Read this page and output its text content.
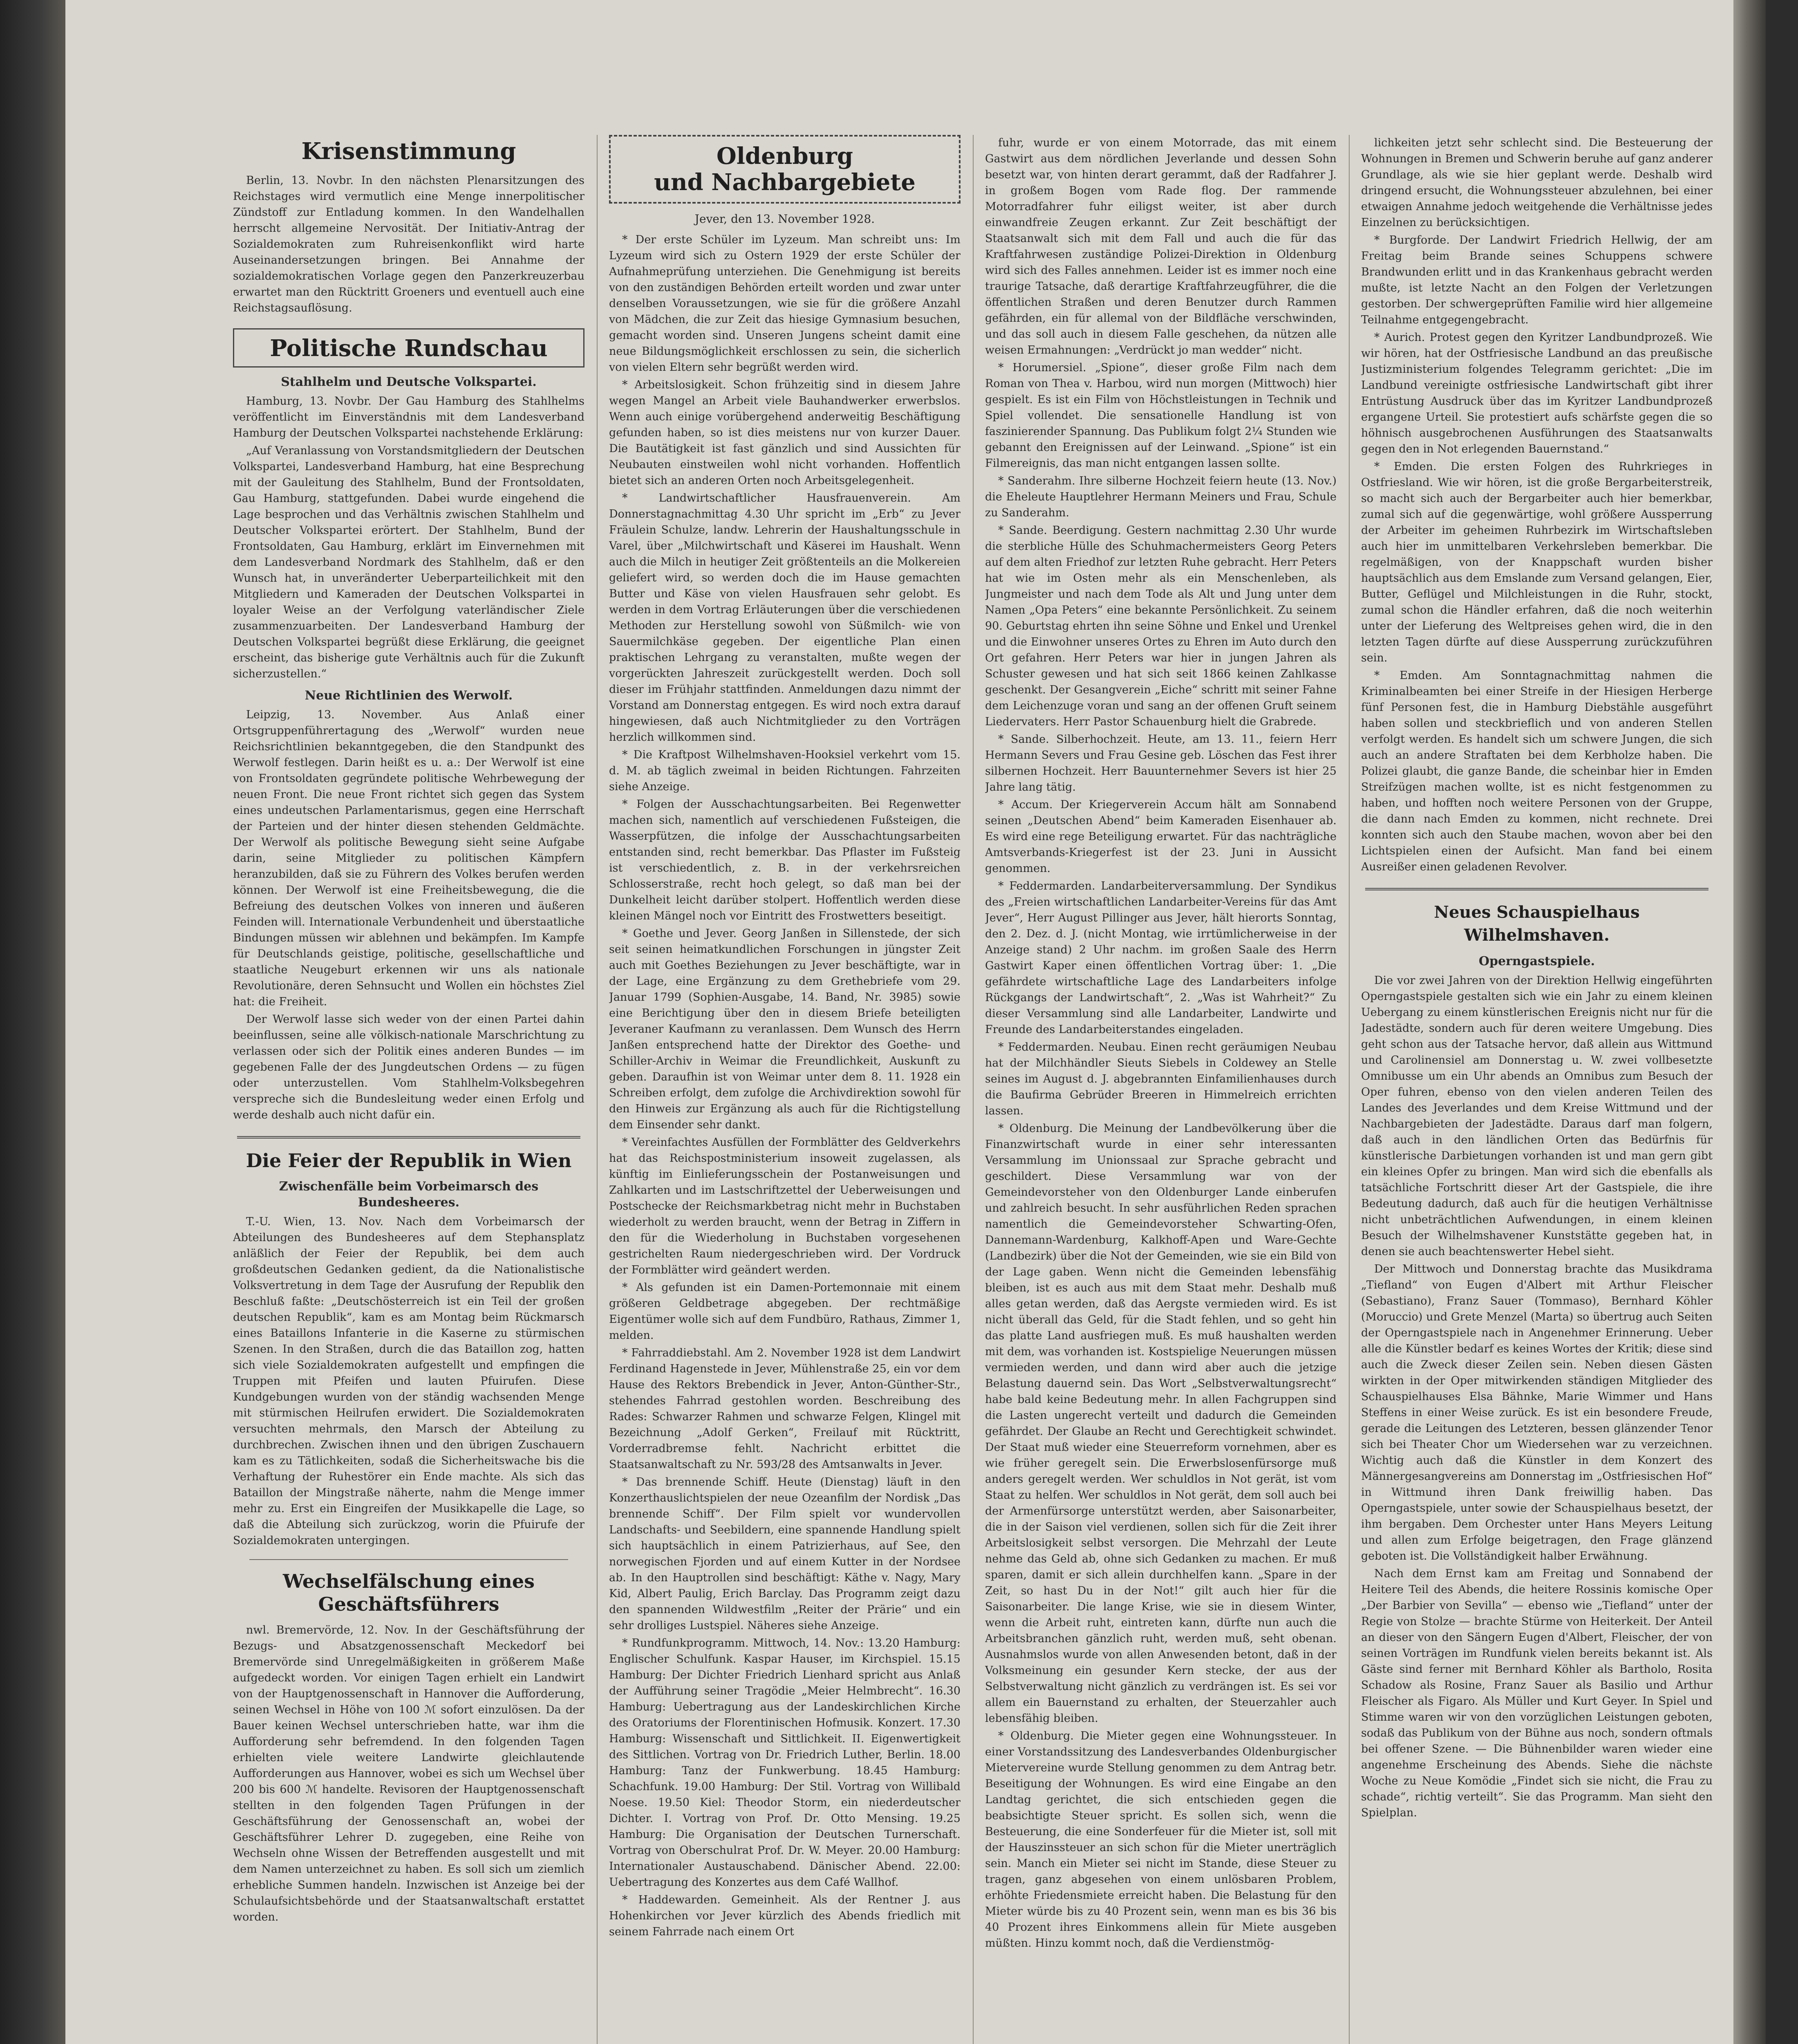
Krisenstimmung

Berlin, 13. Novbr. In den nächsten Plenarsitzungen des Reichstages wird vermutlich eine Menge innerpolitischer Zündstoff zur Entladung kommen. In den Wandelhallen herrscht allgemeine Nervosität. Der Initiativ-Antrag der Sozialdemokraten zum Ruhreisenkonflikt wird harte Auseinandersetzungen bringen. Bei Annahme der sozialdemokratischen Vorlage gegen den Panzerkreuzerbau erwartet man den Rücktritt Groeners und eventuell auch eine Reichstagsauflösung.

Politische Rundschau
Stahlhelm und Deutsche Volkspartei.

Hamburg, 13. Novbr. Der Gau Hamburg des Stahlhelms veröffentlicht im Einverständnis mit dem Landesverband Hamburg der Deutschen Volkspartei nachstehende Erklärung:

„Auf Veranlassung von Vorstandsmitgliedern der Deutschen Volkspartei, Landesverband Hamburg, hat eine Besprechung mit der Gauleitung des Stahlhelm, Bund der Frontsoldaten, Gau Hamburg, stattgefunden. Dabei wurde eingehend die Lage besprochen und das Verhältnis zwischen Stahlhelm und Deutscher Volkspartei erörtert. Der Stahlhelm, Bund der Frontsoldaten, Gau Hamburg, erklärt im Einvernehmen mit dem Landesverband Nordmark des Stahlhelm, daß er den Wunsch hat, in unveränderter Ueberparteilichkeit mit den Mitgliedern und Kameraden der Deutschen Volkspartei in loyaler Weise an der Verfolgung vaterländischer Ziele zusammenzuarbeiten. Der Landesverband Hamburg der Deutschen Volkspartei begrüßt diese Erklärung, die geeignet erscheint, das bisherige gute Verhältnis auch für die Zukunft sicherzustellen.“

Neue Richtlinien des Werwolf.

Leipzig, 13. November. Aus Anlaß einer Ortsgruppenführertagung des „Werwolf“ wurden neue Reichsrichtlinien bekanntgegeben, die den Standpunkt des Werwolf festlegen. Darin heißt es u. a.: Der Werwolf ist eine von Frontsoldaten gegründete politische Wehrbewegung der neuen Front. Die neue Front richtet sich gegen das System eines undeutschen Parlamentarismus, gegen eine Herrschaft der Parteien und der hinter diesen stehenden Geldmächte. Der Werwolf als politische Bewegung sieht seine Aufgabe darin, seine Mitglieder zu politischen Kämpfern heranzubilden, daß sie zu Führern des Volkes berufen werden können. Der Werwolf ist eine Freiheitsbewegung, die die Befreiung des deutschen Volkes von inneren und äußeren Feinden will. Internationale Verbundenheit und überstaatliche Bindungen müssen wir ablehnen und bekämpfen. Im Kampfe für Deutschlands geistige, politische, gesellschaftliche und staatliche Neugeburt erkennen wir uns als nationale Revolutionäre, deren Sehnsucht und Wollen ein höchstes Ziel hat: die Freiheit.

Der Werwolf lasse sich weder von der einen Partei dahin beeinflussen, seine alle völkisch-nationale Marschrichtung zu verlassen oder sich der Politik eines anderen Bundes — im gegebenen Falle der des Jungdeutschen Ordens — zu fügen oder unterzustellen. Vom Stahlhelm-Volksbegehren verspreche sich die Bundesleitung weder einen Erfolg und werde deshalb auch nicht dafür ein.

Die Feier der Republik in Wien
Zwischenfälle beim Vorbeimarsch des Bundesheeres.

T.-U. Wien, 13. Nov. Nach dem Vorbeimarsch der Abteilungen des Bundesheeres auf dem Stephansplatz anläßlich der Feier der Republik, bei dem auch großdeutschen Gedanken gedient, da die Nationalistische Volksvertretung in dem Tage der Ausrufung der Republik den Beschluß faßte: „Deutschösterreich ist ein Teil der großen deutschen Republik“, kam es am Montag beim Rückmarsch eines Bataillons Infanterie in die Kaserne zu stürmischen Szenen. In den Straßen, durch die das Bataillon zog, hatten sich viele Sozialdemokraten aufgestellt und empfingen die Truppen mit Pfeifen und lauten Pfuirufen. Diese Kundgebungen wurden von der ständig wachsenden Menge mit stürmischen Heilrufen erwidert. Die Sozialdemokraten versuchten mehrmals, den Marsch der Abteilung zu durchbrechen. Zwischen ihnen und den übrigen Zuschauern kam es zu Tätlichkeiten, sodaß die Sicherheitswache bis die Verhaftung der Ruhestörer ein Ende machte. Als sich das Bataillon der Mingstraße näherte, nahm die Menge immer mehr zu. Erst ein Eingreifen der Musikkapelle die Lage, so daß die Abteilung sich zurückzog, worin die Pfuirufe der Sozialdemokraten untergingen.

Wechselfälschung eines Geschäftsführers

nwl. Bremervörde, 12. Nov. In der Geschäftsführung der Bezugs- und Absatzgenossenschaft Meckedorf bei Bremervörde sind Unregelmäßigkeiten in größerem Maße aufgedeckt worden. Vor einigen Tagen erhielt ein Landwirt von der Hauptgenossenschaft in Hannover die Aufforderung, seinen Wechsel in Höhe von 100 ℳ sofort einzulösen. Da der Bauer keinen Wechsel unterschrieben hatte, war ihm die Aufforderung sehr befremdend. In den folgenden Tagen erhielten viele weitere Landwirte gleichlautende Aufforderungen aus Hannover, wobei es sich um Wechsel über 200 bis 600 ℳ handelte. Revisoren der Hauptgenossenschaft stellten in den folgenden Tagen Prüfungen in der Geschäftsführung der Genossenschaft an, wobei der Geschäftsführer Lehrer D. zugegeben, eine Reihe von Wechseln ohne Wissen der Betreffenden ausgestellt und mit dem Namen unterzeichnet zu haben. Es soll sich um ziemlich erhebliche Summen handeln. Inzwischen ist Anzeige bei der Schulaufsichtsbehörde und der Staatsanwaltschaft erstattet worden.

Oldenburg
und Nachbargebiete
Jever, den 13. November 1928.

* Der erste Schüler im Lyzeum. Man schreibt uns: Im Lyzeum wird sich zu Ostern 1929 der erste Schüler der Aufnahmeprüfung unterziehen. Die Genehmigung ist bereits von den zuständigen Behörden erteilt worden und zwar unter denselben Voraussetzungen, wie sie für die größere Anzahl von Mädchen, die zur Zeit das hiesige Gymnasium besuchen, gemacht worden sind. Unseren Jungens scheint damit eine neue Bildungsmöglichkeit erschlossen zu sein, die sicherlich von vielen Eltern sehr begrüßt werden wird.

* Arbeitslosigkeit. Schon frühzeitig sind in diesem Jahre wegen Mangel an Arbeit viele Bauhandwerker erwerbslos. Wenn auch einige vorübergehend anderweitig Beschäftigung gefunden haben, so ist dies meistens nur von kurzer Dauer. Die Bautätigkeit ist fast gänzlich und sind Aussichten für Neubauten einstweilen wohl nicht vorhanden. Hoffentlich bietet sich an anderen Orten noch Arbeitsgelegenheit.

* Landwirtschaftlicher Hausfrauenverein. Am Donnerstagnachmittag 4.30 Uhr spricht im „Erb“ zu Jever Fräulein Schulze, landw. Lehrerin der Haushaltungsschule in Varel, über „Milchwirtschaft und Käserei im Haushalt. Wenn auch die Milch in heutiger Zeit größtenteils an die Molkereien geliefert wird, so werden doch die im Hause gemachten Butter und Käse von vielen Hausfrauen sehr gelobt. Es werden in dem Vortrag Erläuterungen über die verschiedenen Methoden zur Herstellung sowohl von Süßmilch- wie von Sauermilchkäse gegeben. Der eigentliche Plan einen praktischen Lehrgang zu veranstalten, mußte wegen der vorgerückten Jahreszeit zurückgestellt werden. Doch soll dieser im Frühjahr stattfinden. Anmeldungen dazu nimmt der Vorstand am Donnerstag entgegen. Es wird noch extra darauf hingewiesen, daß auch Nichtmitglieder zu den Vorträgen herzlich willkommen sind.

* Die Kraftpost Wilhelmshaven-Hooksiel verkehrt vom 15. d. M. ab täglich zweimal in beiden Richtungen. Fahrzeiten siehe Anzeige.

* Folgen der Ausschachtungsarbeiten. Bei Regenwetter machen sich, namentlich auf verschiedenen Fußsteigen, die Wasserpfützen, die infolge der Ausschachtungsarbeiten entstanden sind, recht bemerkbar. Das Pflaster im Fußsteig ist verschiedentlich, z. B. in der verkehrsreichen Schlosserstraße, recht hoch gelegt, so daß man bei der Dunkelheit leicht darüber stolpert. Hoffentlich werden diese kleinen Mängel noch vor Eintritt des Frostwetters beseitigt.

* Goethe und Jever. Georg Janßen in Sillenstede, der sich seit seinen heimatkundlichen Forschungen in jüngster Zeit auch mit Goethes Beziehungen zu Jever beschäftigte, war in der Lage, eine Ergänzung zu dem Grethebriefe vom 29. Januar 1799 (Sophien-Ausgabe, 14. Band, Nr. 3985) sowie eine Berichtigung über den in diesem Briefe beteiligten Jeveraner Kaufmann zu veranlassen. Dem Wunsch des Herrn Janßen entsprechend hatte der Direktor des Goethe- und Schiller-Archiv in Weimar die Freundlichkeit, Auskunft zu geben. Daraufhin ist von Weimar unter dem 8. 11. 1928 ein Schreiben erfolgt, dem zufolge die Archivdirektion sowohl für den Hinweis zur Ergänzung als auch für die Richtigstellung dem Einsender sehr dankt.

* Vereinfachtes Ausfüllen der Formblätter des Geldverkehrs hat das Reichspostministerium insoweit zugelassen, als künftig im Einlieferungsschein der Postanweisungen und Zahlkarten und im Lastschriftzettel der Ueberweisungen und Postschecke der Reichsmarkbetrag nicht mehr in Buchstaben wiederholt zu werden braucht, wenn der Betrag in Ziffern in den für die Wiederholung in Buchstaben vorgesehenen gestrichelten Raum niedergeschrieben wird. Der Vordruck der Formblätter wird geändert werden.

* Als gefunden ist ein Damen-Portemonnaie mit einem größeren Geldbetrage abgegeben. Der rechtmäßige Eigentümer wolle sich auf dem Fundbüro, Rathaus, Zimmer 1, melden.

* Fahrraddiebstahl. Am 2. November 1928 ist dem Landwirt Ferdinand Hagenstede in Jever, Mühlenstraße 25, ein vor dem Hause des Rektors Brebendick in Jever, Anton-Günther-Str., stehendes Fahrrad gestohlen worden. Beschreibung des Rades: Schwarzer Rahmen und schwarze Felgen, Klingel mit Bezeichnung „Adolf Gerken“, Freilauf mit Rücktritt, Vorderradbremse fehlt. Nachricht erbittet die Staatsanwaltschaft zu Nr. 593/28 des Amtsanwalts in Jever.

* Das brennende Schiff. Heute (Dienstag) läuft in den Konzerthauslichtspielen der neue Ozeanfilm der Nordisk „Das brennende Schiff“. Der Film spielt vor wundervollen Landschafts- und Seebildern, eine spannende Handlung spielt sich hauptsächlich in einem Patrizierhaus, auf See, den norwegischen Fjorden und auf einem Kutter in der Nordsee ab. In den Hauptrollen sind beschäftigt: Käthe v. Nagy, Mary Kid, Albert Paulig, Erich Barclay. Das Programm zeigt dazu den spannenden Wildwestfilm „Reiter der Prärie“ und ein sehr drolliges Lustspiel. Näheres siehe Anzeige.

* Rundfunkprogramm. Mittwoch, 14. Nov.: 13.20 Hamburg: Englischer Schulfunk. Kaspar Hauser, im Kirchspiel. 15.15 Hamburg: Der Dichter Friedrich Lienhard spricht aus Anlaß der Aufführung seiner Tragödie „Meier Helmbrecht“. 16.30 Hamburg: Uebertragung aus der Landeskirchlichen Kirche des Oratoriums der Florentinischen Hofmusik. Konzert. 17.30 Hamburg: Wissenschaft und Sittlichkeit. II. Eigenwertigkeit des Sittlichen. Vortrag von Dr. Friedrich Luther, Berlin. 18.00 Hamburg: Tanz der Funkwerbung. 18.45 Hamburg: Schachfunk. 19.00 Hamburg: Der Stil. Vortrag von Willibald Noese. 19.50 Kiel: Theodor Storm, ein niederdeutscher Dichter. I. Vortrag von Prof. Dr. Otto Mensing. 19.25 Hamburg: Die Organisation der Deutschen Turnerschaft. Vortrag von Oberschulrat Prof. Dr. W. Meyer. 20.00 Hamburg: Internationaler Austauschabend. Dänischer Abend. 22.00: Uebertragung des Konzertes aus dem Café Wallhof.

* Haddewarden. Gemeinheit. Als der Rentner J. aus Hohenkirchen vor Jever kürzlich des Abends friedlich mit seinem Fahrrade nach einem Ort

fuhr, wurde er von einem Motorrade, das mit einem Gastwirt aus dem nördlichen Jeverlande und dessen Sohn besetzt war, von hinten derart gerammt, daß der Radfahrer J. in großem Bogen vom Rade flog. Der rammende Motorradfahrer fuhr eiligst weiter, ist aber durch einwandfreie Zeugen erkannt. Zur Zeit beschäftigt der Staatsanwalt sich mit dem Fall und auch die für das Kraftfahrwesen zuständige Polizei-Direktion in Oldenburg wird sich des Falles annehmen. Leider ist es immer noch eine traurige Tatsache, daß derartige Kraftfahrzeugführer, die die öffentlichen Straßen und deren Benutzer durch Rammen gefährden, ein für allemal von der Bildfläche verschwinden, und das soll auch in diesem Falle geschehen, da nützen alle weisen Ermahnungen: „Verdrückt jo man wedder“ nicht.

* Horumersiel. „Spione“, dieser große Film nach dem Roman von Thea v. Harbou, wird nun morgen (Mittwoch) hier gespielt. Es ist ein Film von Höchstleistungen in Technik und Spiel vollendet. Die sensationelle Handlung ist von faszinierender Spannung. Das Publikum folgt 2¼ Stunden wie gebannt den Ereignissen auf der Leinwand. „Spione“ ist ein Filmereignis, das man nicht entgangen lassen sollte.

* Sanderahm. Ihre silberne Hochzeit feiern heute (13. Nov.) die Eheleute Hauptlehrer Hermann Meiners und Frau, Schule zu Sanderahm.

* Sande. Beerdigung. Gestern nachmittag 2.30 Uhr wurde die sterbliche Hülle des Schuhmachermeisters Georg Peters auf dem alten Friedhof zur letzten Ruhe gebracht. Herr Peters hat wie im Osten mehr als ein Menschenleben, als Jungmeister und nach dem Tode als Alt und Jung unter dem Namen „Opa Peters“ eine bekannte Persönlichkeit. Zu seinem 90. Geburtstag ehrten ihn seine Söhne und Enkel und Urenkel und die Einwohner unseres Ortes zu Ehren im Auto durch den Ort gefahren. Herr Peters war hier in jungen Jahren als Schuster gewesen und hat sich seit 1866 keinen Zahlkasse geschenkt. Der Gesangverein „Eiche“ schritt mit seiner Fahne dem Leichenzuge voran und sang an der offenen Gruft seinem Liedervaters. Herr Pastor Schauenburg hielt die Grabrede.

* Sande. Silberhochzeit. Heute, am 13. 11., feiern Herr Hermann Severs und Frau Gesine geb. Löschen das Fest ihrer silbernen Hochzeit. Herr Bauunternehmer Severs ist hier 25 Jahre lang tätig.

* Accum. Der Kriegerverein Accum hält am Sonnabend seinen „Deutschen Abend“ beim Kameraden Eisenhauer ab. Es wird eine rege Beteiligung erwartet. Für das nachträgliche Amtsverbands-Kriegerfest ist der 23. Juni in Aussicht genommen.

* Feddermarden. Landarbeiterversammlung. Der Syndikus des „Freien wirtschaftlichen Landarbeiter-Vereins für das Amt Jever“, Herr August Pillinger aus Jever, hält hierorts Sonntag, den 2. Dez. d. J. (nicht Montag, wie irrtümlicherweise in der Anzeige stand) 2 Uhr nachm. im großen Saale des Herrn Gastwirt Kaper einen öffentlichen Vortrag über: 1. „Die gefährdete wirtschaftliche Lage des Landarbeiters infolge Rückgangs der Landwirtschaft“, 2. „Was ist Wahrheit?“ Zu dieser Versammlung sind alle Landarbeiter, Landwirte und Freunde des Landarbeiterstandes eingeladen.

* Feddermarden. Neubau. Einen recht geräumigen Neubau hat der Milchhändler Sieuts Siebels in Coldewey an Stelle seines im August d. J. abgebrannten Einfamilienhauses durch die Baufirma Gebrüder Breeren in Himmelreich errichten lassen.

* Oldenburg. Die Meinung der Landbevölkerung über die Finanzwirtschaft wurde in einer sehr interessanten Versammlung im Unionssaal zur Sprache gebracht und geschildert. Diese Versammlung war von der Gemeindevorsteher von den Oldenburger Lande einberufen und zahlreich besucht. In sehr ausführlichen Reden sprachen namentlich die Gemeindevorsteher Schwarting-Ofen, Dannemann-Wardenburg, Kalkhoff-Apen und Ware-Gechte (Landbezirk) über die Not der Gemeinden, wie sie ein Bild von der Lage gaben. Wenn nicht die Gemeinden lebensfähig bleiben, ist es auch aus mit dem Staat mehr. Deshalb muß alles getan werden, daß das Aergste vermieden wird. Es ist nicht überall das Geld, für die Stadt fehlen, und so geht hin das platte Land ausfriegen muß. Es muß haushalten werden mit dem, was vorhanden ist. Kostspielige Neuerungen müssen vermieden werden, und dann wird aber auch die jetzige Belastung dauernd sein. Das Wort „Selbstverwaltungsrecht“ habe bald keine Bedeutung mehr. In allen Fachgruppen sind die Lasten ungerecht verteilt und dadurch die Gemeinden gefährdet. Der Glaube an Recht und Gerechtigkeit schwindet. Der Staat muß wieder eine Steuerreform vornehmen, aber es wie früher geregelt sein. Die Erwerbslosenfürsorge muß anders geregelt werden. Wer schuldlos in Not gerät, ist vom Staat zu helfen. Wer schuldlos in Not gerät, dem soll auch bei der Armenfürsorge unterstützt werden, aber Saisonarbeiter, die in der Saison viel verdienen, sollen sich für die Zeit ihrer Arbeitslosigkeit selbst versorgen. Die Mehrzahl der Leute nehme das Geld ab, ohne sich Gedanken zu machen. Er muß sparen, damit er sich allein durchhelfen kann. „Spare in der Zeit, so hast Du in der Not!“ gilt auch hier für die Saisonarbeiter. Die lange Krise, wie sie in diesem Winter, wenn die Arbeit ruht, eintreten kann, dürfte nun auch die Arbeitsbranchen gänzlich ruht, werden muß, seht obenan. Ausnahmslos wurde von allen Anwesenden betont, daß in der Volksmeinung ein gesunder Kern stecke, der aus der Selbstverwaltung nicht gänzlich zu verdrängen ist. Es sei vor allem ein Bauernstand zu erhalten, der Steuerzahler auch lebensfähig bleiben.

* Oldenburg. Die Mieter gegen eine Wohnungssteuer. In einer Vorstandssitzung des Landesverbandes Oldenburgischer Mietervereine wurde Stellung genommen zu dem Antrag betr. Beseitigung der Wohnungen. Es wird eine Eingabe an den Landtag gerichtet, die sich entschieden gegen die beabsichtigte Steuer spricht. Es sollen sich, wenn die Besteuerung, die eine Sonderfeuer für die Mieter ist, soll mit der Hauszinssteuer an sich schon für die Mieter unerträglich sein. Manch ein Mieter sei nicht im Stande, diese Steuer zu tragen, ganz abgesehen von einem unlösbaren Problem, erhöhte Friedensmiete erreicht haben. Die Belastung für den Mieter würde bis zu 40 Prozent sein, wenn man es bis 36 bis 40 Prozent ihres Einkommens allein für Miete ausgeben müßten. Hinzu kommt noch, daß die Verdienstmög-

lichkeiten jetzt sehr schlecht sind. Die Besteuerung der Wohnungen in Bremen und Schwerin beruhe auf ganz anderer Grundlage, als wie sie hier geplant werde. Deshalb wird dringend ersucht, die Wohnungssteuer abzulehnen, bei einer etwaigen Annahme jedoch weitgehende die Verhältnisse jedes Einzelnen zu berücksichtigen.

* Burgforde. Der Landwirt Friedrich Hellwig, der am Freitag beim Brande seines Schuppens schwere Brandwunden erlitt und in das Krankenhaus gebracht werden mußte, ist letzte Nacht an den Folgen der Verletzungen gestorben. Der schwergeprüften Familie wird hier allgemeine Teilnahme entgegengebracht.

* Aurich. Protest gegen den Kyritzer Landbundprozeß. Wie wir hören, hat der Ostfriesische Landbund an das preußische Justizministerium folgendes Telegramm gerichtet: „Die im Landbund vereinigte ostfriesische Landwirtschaft gibt ihrer Entrüstung Ausdruck über das im Kyritzer Landbundprozeß ergangene Urteil. Sie protestiert aufs schärfste gegen die so höhnisch ausgebrochenen Ausführungen des Staatsanwalts gegen den in Not erlegenden Bauernstand.“

* Emden. Die ersten Folgen des Ruhrkrieges in Ostfriesland. Wie wir hören, ist die große Bergarbeiterstreik, so macht sich auch der Bergarbeiter auch hier bemerkbar, zumal sich auf die gegenwärtige, wohl größere Aussperrung der Arbeiter im geheimen Ruhrbezirk im Wirtschaftsleben auch hier im unmittelbaren Verkehrsleben bemerkbar. Die regelmäßigen, von der Knappschaft wurden bisher hauptsächlich aus dem Emslande zum Versand gelangen, Eier, Butter, Geflügel und Milchleistungen in die Ruhr, stockt, zumal schon die Händler erfahren, daß die noch weiterhin unter der Lieferung des Weltpreises gehen wird, die in den letzten Tagen dürfte auf diese Aussperrung zurückzuführen sein.

* Emden. Am Sonntagnachmittag nahmen die Kriminalbeamten bei einer Streife in der Hiesigen Herberge fünf Personen fest, die in Hamburg Diebstähle ausgeführt haben sollen und steckbrieflich und von anderen Stellen verfolgt werden. Es handelt sich um schwere Jungen, die sich auch an andere Straftaten bei dem Kerbholze haben. Die Polizei glaubt, die ganze Bande, die scheinbar hier in Emden Streifzügen machen wollte, ist es nicht festgenommen zu haben, und hofften noch weitere Personen von der Gruppe, die dann nach Emden zu kommen, nicht rechnete. Drei konnten sich auch den Staube machen, wovon aber bei den Lichtspielen einen der Aufsicht. Man fand bei einem Ausreißer einen geladenen Revolver.

Neues Schauspielhaus Wilhelmshaven.
Operngastspiele.

Die vor zwei Jahren von der Direktion Hellwig eingeführten Operngastspiele gestalten sich wie ein Jahr zu einem kleinen Uebergang zu einem künstlerischen Ereignis nicht nur für die Jadestädte, sondern auch für deren weitere Umgebung. Dies geht schon aus der Tatsache hervor, daß allein aus Wittmund und Carolinensiel am Donnerstag u. W. zwei vollbesetzte Omnibusse um ein Uhr abends an Omnibus zum Besuch der Oper fuhren, ebenso von den vielen anderen Teilen des Landes des Jeverlandes und dem Kreise Wittmund und der Nachbargebieten der Jadestädte. Daraus darf man folgern, daß auch in den ländlichen Orten das Bedürfnis für künstlerische Darbietungen vorhanden ist und man gern gibt ein kleines Opfer zu bringen. Man wird sich die ebenfalls als tatsächliche Fortschritt dieser Art der Gastspiele, die ihre Bedeutung dadurch, daß auch für die heutigen Verhältnisse nicht unbeträchtlichen Aufwendungen, in einem kleinen Besuch der Wilhelmshavener Kunststätte gegeben hat, in denen sie auch beachtenswerter Hebel sieht.

Der Mittwoch und Donnerstag brachte das Musikdrama „Tiefland“ von Eugen d'Albert mit Arthur Fleischer (Sebastiano), Franz Sauer (Tommaso), Bernhard Köhler (Moruccio) und Grete Menzel (Marta) so übertrug auch Seiten der Operngastspiele nach in Angenehmer Erinnerung. Ueber alle die Künstler bedarf es keines Wortes der Kritik; diese sind auch die Zweck dieser Zeilen sein. Neben diesen Gästen wirkten in der Oper mitwirkenden ständigen Mitglieder des Schauspielhauses Elsa Bähnke, Marie Wimmer und Hans Steffens in einer Weise zurück. Es ist ein besondere Freude, gerade die Leitungen des Letzteren, bessen glänzender Tenor sich bei Theater Chor um Wiedersehen war zu verzeichnen. Wichtig auch daß die Künstler in dem Konzert des Männergesangvereins am Donnerstag im „Ostfriesischen Hof“ in Wittmund ihren Dank freiwillig haben. Das Operngastspiele, unter sowie der Schauspielhaus besetzt, der ihm bergaben. Dem Orchester unter Hans Meyers Leitung und allen zum Erfolge beigetragen, den Frage glänzend geboten ist. Die Vollständigkeit halber Erwähnung.

Nach dem Ernst kam am Freitag und Sonnabend der Heitere Teil des Abends, die heitere Rossinis komische Oper „Der Barbier von Sevilla“ — ebenso wie „Tiefland“ unter der Regie von Stolze — brachte Stürme von Heiterkeit. Der Anteil an dieser von den Sängern Eugen d'Albert, Fleischer, der von seinen Vorträgen im Rundfunk vielen bereits bekannt ist. Als Gäste sind ferner mit Bernhard Köhler als Bartholo, Rosita Schadow als Rosine, Franz Sauer als Basilio und Arthur Fleischer als Figaro. Als Müller und Kurt Geyer. In Spiel und Stimme waren wir von den vorzüglichen Leistungen geboten, sodaß das Publikum von der Bühne aus noch, sondern oftmals bei offener Szene. — Die Bühnenbilder waren wieder eine angenehme Erscheinung des Abends. Siehe die nächste Woche zu Neue Komödie „Findet sich sie nicht, die Frau zu schade“, richtig verteilt“. Sie das Programm. Man sieht den Spielplan.
